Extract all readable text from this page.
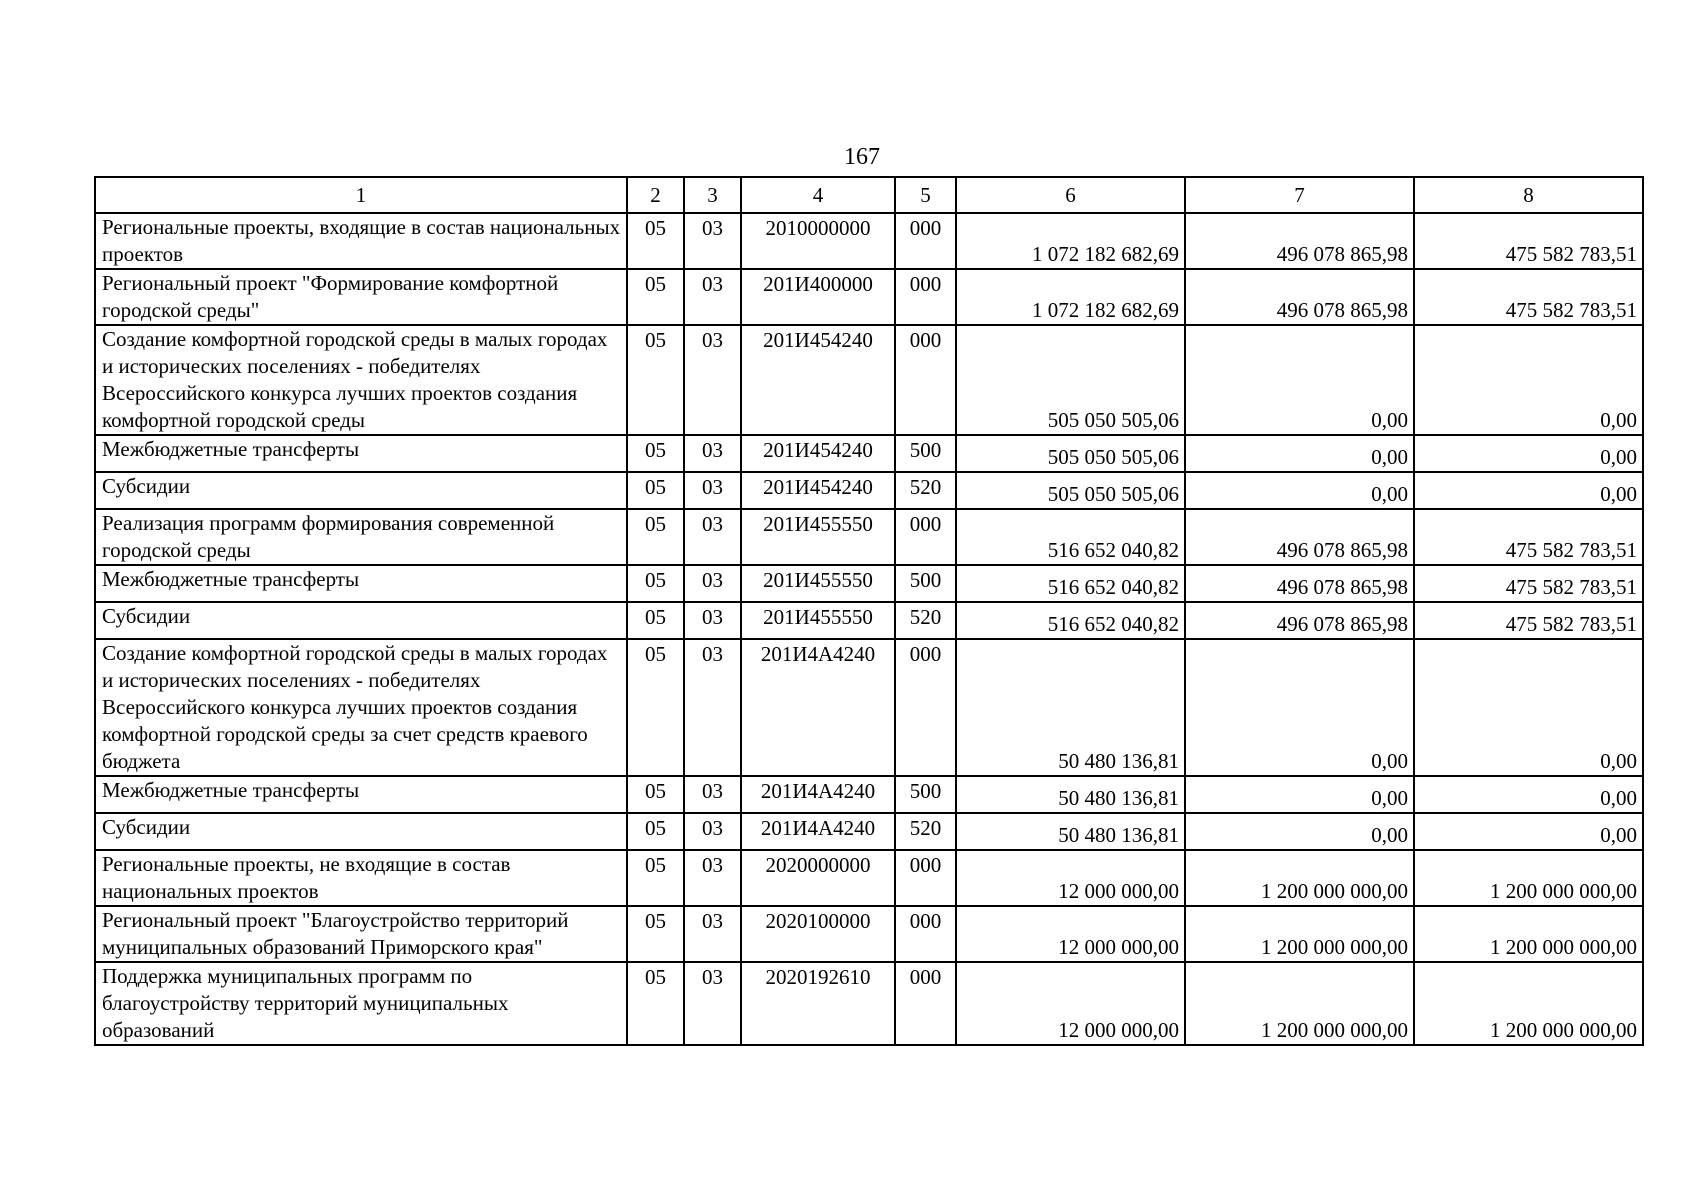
167
1	2	3	4	5	6	7	8
Региональные проекты, входящие в состав национальных проектов	05	03	2010000000	000	1 072 182 682,69	496 078 865,98	475 582 783,51
Региональный проект "Формирование комфортной городской среды"	05	03	201И400000	000	1 072 182 682,69	496 078 865,98	475 582 783,51
Создание комфортной городской среды в малых городах и исторических поселениях - победителях Всероссийского конкурса лучших проектов создания комфортной городской среды	05	03	201И454240	000	505 050 505,06	0,00	0,00
Межбюджетные трансферты	05	03	201И454240	500	505 050 505,06	0,00	0,00
Субсидии	05	03	201И454240	520	505 050 505,06	0,00	0,00
Реализация программ формирования современной городской среды	05	03	201И455550	000	516 652 040,82	496 078 865,98	475 582 783,51
Межбюджетные трансферты	05	03	201И455550	500	516 652 040,82	496 078 865,98	475 582 783,51
Субсидии	05	03	201И455550	520	516 652 040,82	496 078 865,98	475 582 783,51
Создание комфортной городской среды в малых городах и исторических поселениях - победителях Всероссийского конкурса лучших проектов создания комфортной городской среды за счет средств краевого бюджета	05	03	201И4А4240	000	50 480 136,81	0,00	0,00
Межбюджетные трансферты	05	03	201И4А4240	500	50 480 136,81	0,00	0,00
Субсидии	05	03	201И4А4240	520	50 480 136,81	0,00	0,00
Региональные проекты, не входящие в состав национальных проектов	05	03	2020000000	000	12 000 000,00	1 200 000 000,00	1 200 000 000,00
Региональный проект "Благоустройство территорий муниципальных образований Приморского края"	05	03	2020100000	000	12 000 000,00	1 200 000 000,00	1 200 000 000,00
Поддержка муниципальных программ по благоустройству территорий муниципальных образований	05	03	2020192610	000	12 000 000,00	1 200 000 000,00	1 200 000 000,00
